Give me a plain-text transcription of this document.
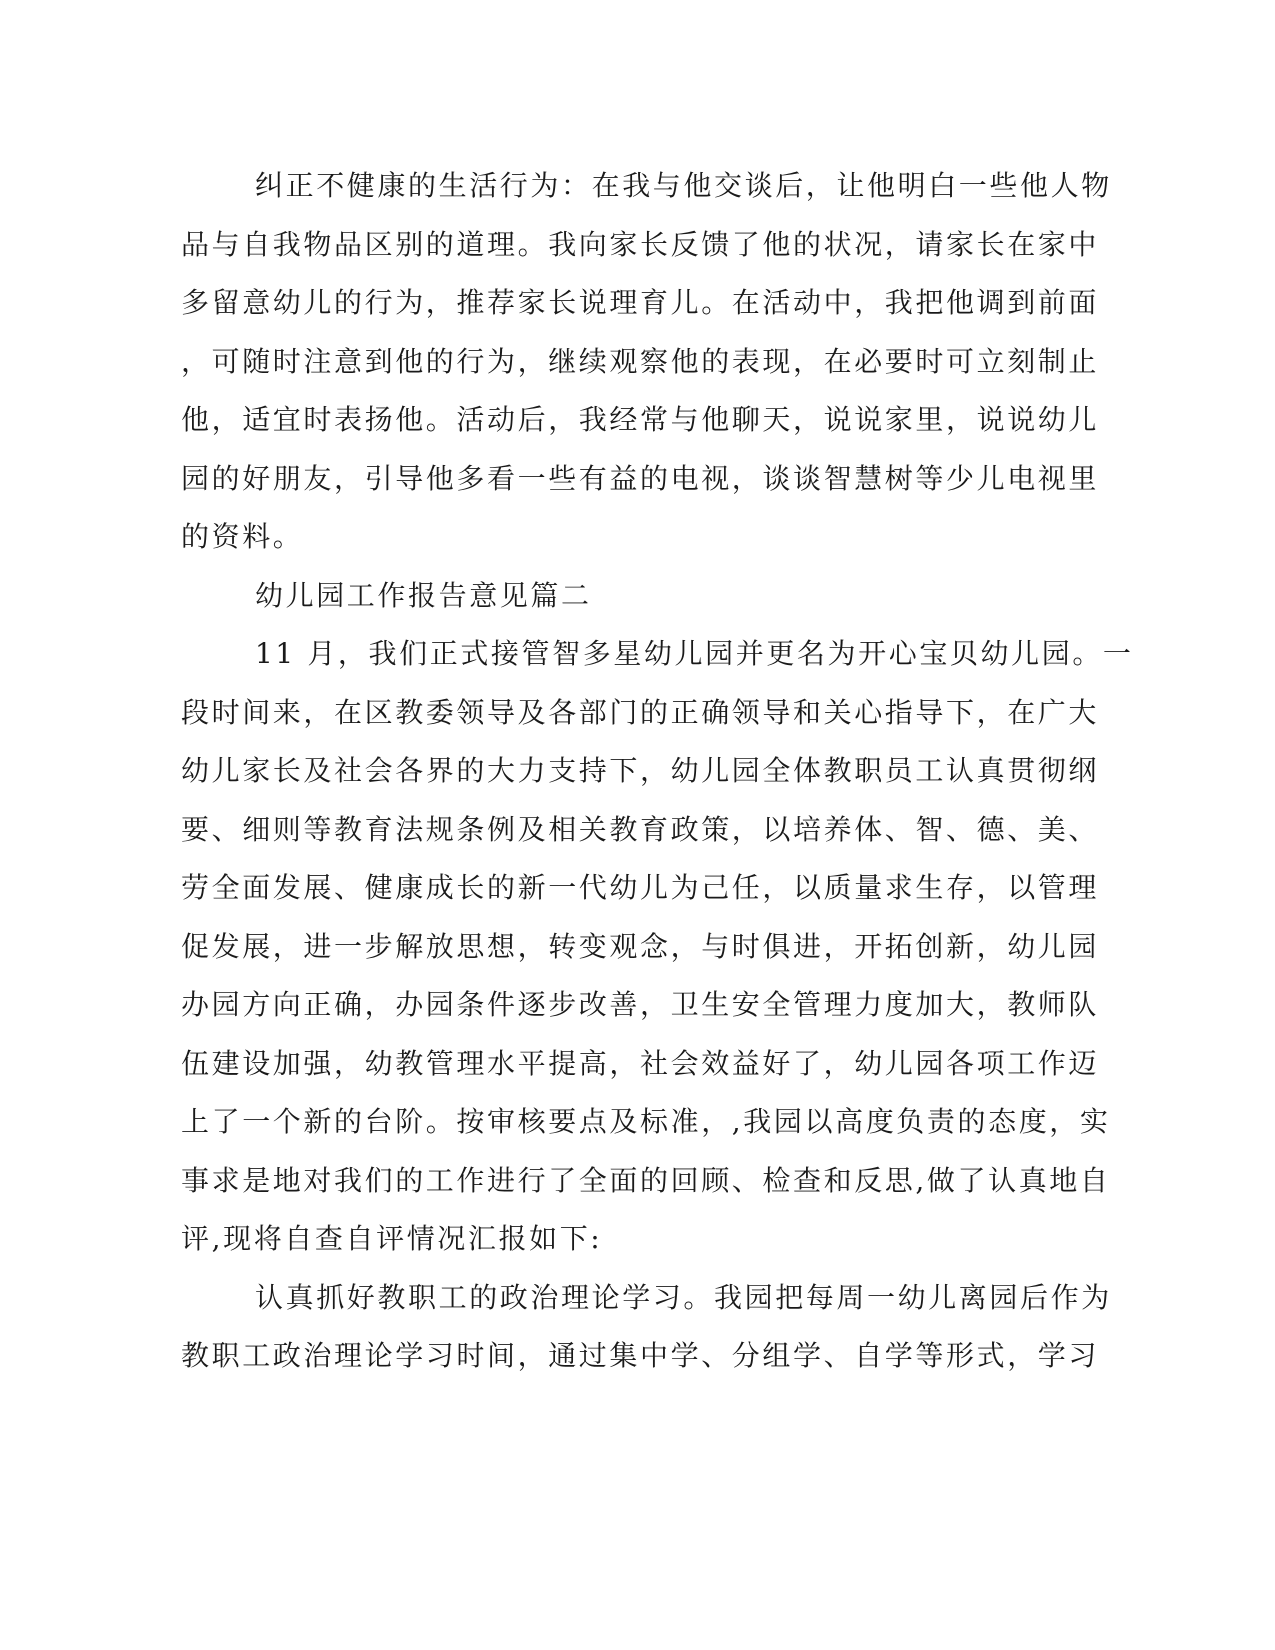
纠正不健康的生活行为：在我与他交谈后，让他明白一些他人物
品与自我物品区别的道理。我向家长反馈了他的状况，请家长在家中
多留意幼儿的行为，推荐家长说理育儿。在活动中，我把他调到前面
，可随时注意到他的行为，继续观察他的表现，在必要时可立刻制止
他，适宜时表扬他。活动后，我经常与他聊天，说说家里，说说幼儿
园的好朋友，引导他多看一些有益的电视，谈谈智慧树等少儿电视里
的资料。
幼儿园工作报告意见篇二
11 月，我们正式接管智多星幼儿园并更名为开心宝贝幼儿园。一
段时间来，在区教委领导及各部门的正确领导和关心指导下，在广大
幼儿家长及社会各界的大力支持下，幼儿园全体教职员工认真贯彻纲
要、细则等教育法规条例及相关教育政策，以培养体、智、德、美、
劳全面发展、健康成长的新一代幼儿为己任，以质量求生存，以管理
促发展，进一步解放思想，转变观念，与时俱进，开拓创新，幼儿园
办园方向正确，办园条件逐步改善，卫生安全管理力度加大，教师队
伍建设加强，幼教管理水平提高，社会效益好了，幼儿园各项工作迈
上了一个新的台阶。按审核要点及标准，,我园以高度负责的态度，实
事求是地对我们的工作进行了全面的回顾、检查和反思,做了认真地自
评,现将自查自评情况汇报如下:
认真抓好教职工的政治理论学习。我园把每周一幼儿离园后作为
教职工政治理论学习时间，通过集中学、分组学、自学等形式，学习
